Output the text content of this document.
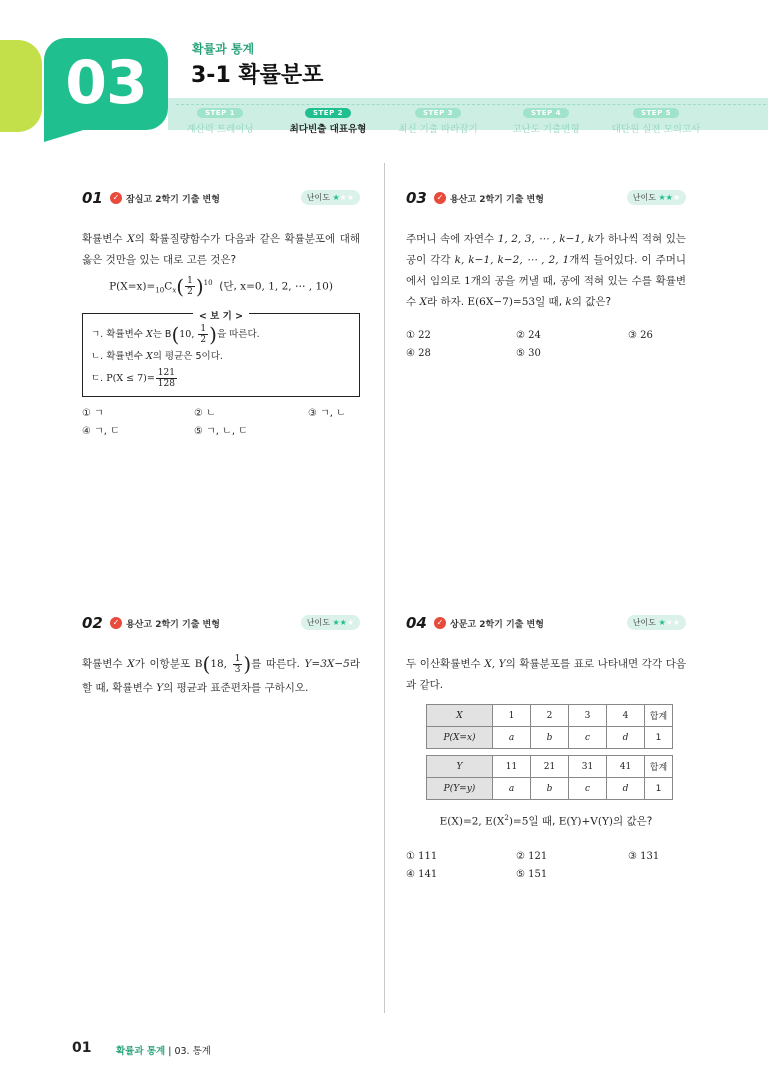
03	확률과 통계
3-1 확률분포
STEP 1
계산력 트레이닝
STEP 2
최다빈출 대표유형
STEP 3
최신 기출 따라잡기
STEP 4
고난도 기출변형
STEP 5
대단원 실전 모의고사
01	✓ 잠실고 2학기 기출 변형	난이도 ★★★
확률변수 X의 확률질량함수가 다음과 같은 확률분포에 대해 옳은 것만을 있는 대로 고른 것은?
$P(X=x)=_{10}C_x( \frac{1}{2} )^{10}$ (단, x=0, 1, 2, ⋯ , 10)
< 보 기 >
ㄱ. 확률변수 X는 B(10, $\frac{1}{2}$ )을 따른다.
ㄴ. 확률변수 X의 평균은 5이다.
ㄷ. $P(X \le 7)= \frac{121}{128}$
① ㄱ	② ㄴ	③ ㄱ, ㄴ
④ ㄱ, ㄷ	⑤ ㄱ, ㄴ, ㄷ
02	✓ 용산고 2학기 기출 변형	난이도 ★★★
확률변수 X가 이항분포 B(18, $\frac{1}{3}$ )를 따른다. Y=3X−5라 할 때, 확률변수 Y의 평균과 표준편차를 구하시오.
03	✓ 용산고 2학기 기출 변형	난이도 ★★★
주머니 속에 자연수 1, 2, 3, ⋯ , k−1, k가 하나씩 적혀 있는 공이 각각 k, k−1, k−2, ⋯ , 2, 1개씩 들어있다. 이 주머니에서 임의로 1개의 공을 꺼낼 때, 공에 적혀 있는 수를 확률변수 X라 하자. E(6X−7)=53일 때, k의 값은?
① 22	② 24	③ 26
④ 28	⑤ 30
04	✓ 상문고 2학기 기출 변형	난이도 ★★★
두 이산확률변수 X, Y의 확률분포를 표로 나타내면 각각 다음과 같다.
X	1	2	3	4	합계
P(X=x)	a	b	c	d	1
Y	11	21	31	41	합계
P(Y=y)	a	b	c	d	1
E(X)=2, $E(X^2)=5$일 때, E(Y)+V(Y)의 값은?
① 111	② 121	③ 131
④ 141	⑤ 151
01	확률과 통계 | 03. 통계
